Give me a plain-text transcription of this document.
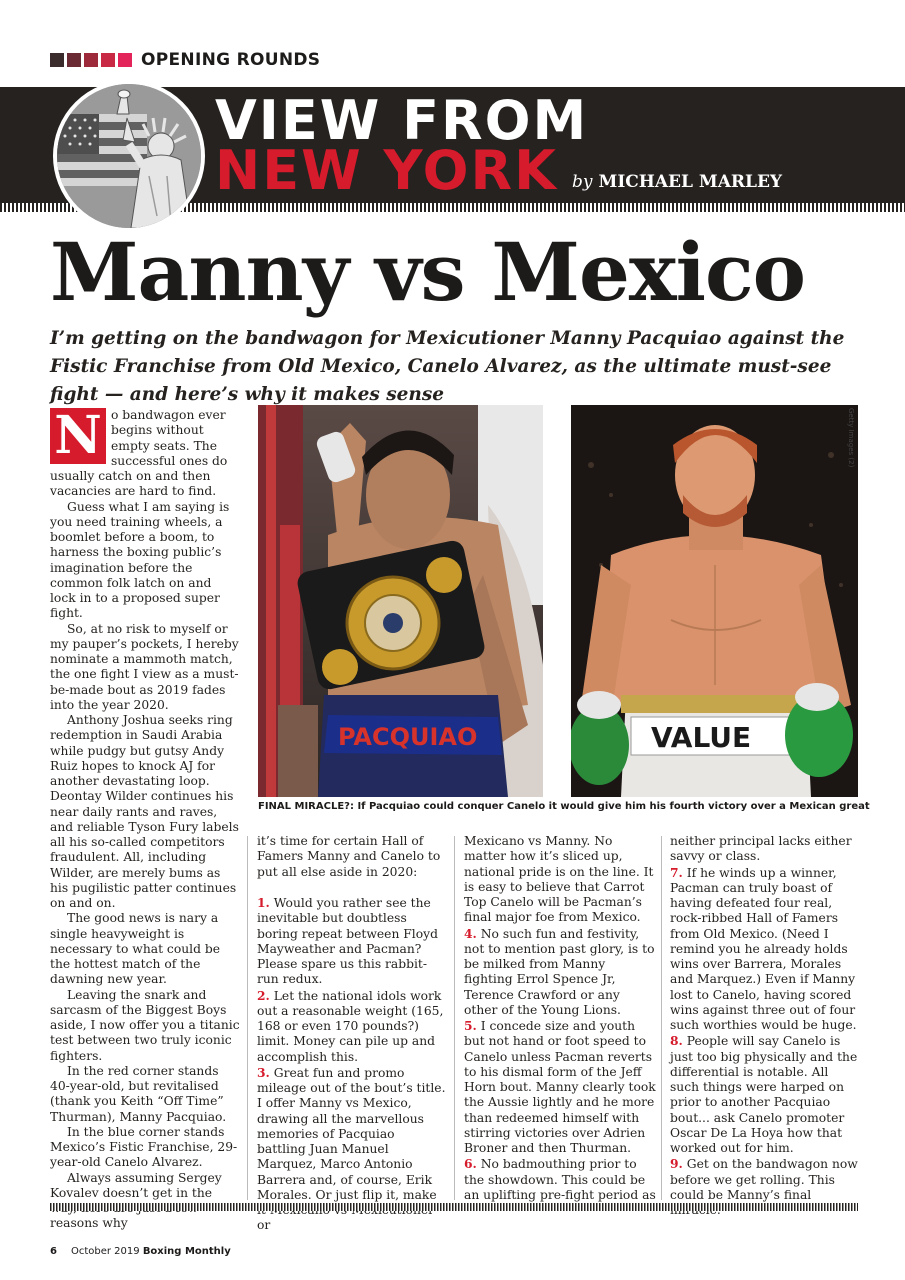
OPENING ROUNDS
VIEW FROM
NEW YORK by MICHAEL MARLEY
Manny vs Mexico
I’m getting on the bandwagon for Mexicutioner Manny Pacquiao against the Fistic Franchise from Old Mexico, Canelo Alvarez, as the ultimate must-see fight — and here’s why it makes sense
PACQUIAO	VALUE
Getty Images (2)
FINAL MIRACLE?: If Pacquiao could conquer Canelo it would give him his fourth victory over a Mexican great

N o bandwagon ever begins without empty seats. The successful ones do usually catch on and then vacancies are hard to find.

Guess what I am saying is you need training wheels, a boomlet before a boom, to harness the boxing public’s imagination before the common folk latch on and lock in to a proposed super fight.

So, at no risk to myself or my pauper’s pockets, I hereby nominate a mammoth match, the one fight I view as a must-be-made bout as 2019 fades into the year 2020.

Anthony Joshua seeks ring redemption in Saudi Arabia while pudgy but gutsy Andy Ruiz hopes to knock AJ for another devastating loop. Deontay Wilder continues his near daily rants and raves, and reliable Tyson Fury labels all his so-called competitors fraudulent. All, including Wilder, are merely bums as his pugilistic patter continues on and on.

The good news is nary a single heavyweight is necessary to what could be the hottest match of the dawning new year.

Leaving the snark and sarcasm of the Biggest Boys aside, I now offer you a titanic test between two truly iconic fighters.

In the red corner stands 40-year-old, but revitalised (thank you Keith “Off Time” Thurman), Manny Pacquiao.

In the blue corner stands Mexico’s Fistic Franchise, 29-year-old Canelo Alvarez.

Always assuming Sergey Kovalev doesn’t get in the reasons why

it’s time for certain Hall of Famers Manny and Canelo to put all else aside in 2020:

1. Would you rather see the inevitable but doubtless boring repeat between Floyd Mayweather and Pacman? Please spare us this rabbit-run redux.

2. Let the national idols work out a reasonable weight (165, 168 or even 170 pounds?) limit. Money can pile up and accomplish this.

3. Great fun and promo mileage out of the bout’s title. I offer Manny vs Mexico, drawing all the marvellous memories of Pacquiao battling Juan Manuel Marquez, Marco Antonio Barrera and, of course, Erik Morales. Or just flip it, make or

Mexicano vs Manny. No matter how it’s sliced up, national pride is on the line. It is easy to believe that Carrot Top Canelo will be Pacman’s final major foe from Mexico.

4. No such fun and festivity, not to mention past glory, is to be milked from Manny fighting Errol Spence Jr, Terence Crawford or any other of the Young Lions.

5. I concede size and youth but not hand or foot speed to Canelo unless Pacman reverts to his dismal form of the Jeff Horn bout. Manny clearly took the Aussie lightly and he more than redeemed himself with stirring victories over Adrien Broner and then Thurman.

6. No badmouthing prior to the showdown. This could be an uplifting pre-fight period as

neither principal lacks either savvy or class.

7. If he winds up a winner, Pacman can truly boast of having defeated four real, rock-ribbed Hall of Famers from Old Mexico. (Need I remind you he already holds wins over Barrera, Morales and Marquez.) Even if Manny lost to Canelo, having scored wins against three out of four such worthies would be huge.

8. People will say Canelo is just too big physically and the differential is notable. All such things were harped on prior to another Pacquiao bout... ask Canelo promoter Oscar De La Hoya how that worked out for him.

9. Get on the bandwagon now before we get rolling. This could be Manny’s final

6 October 2019 Boxing Monthly
